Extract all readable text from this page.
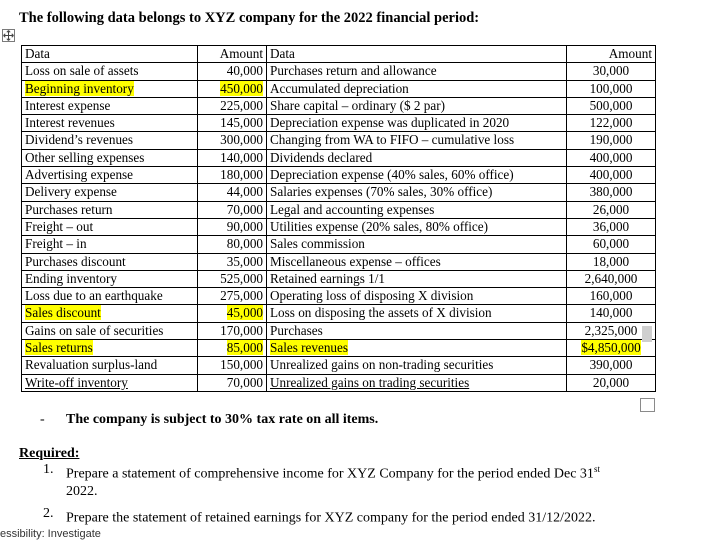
The following data belongs to XYZ company for the 2022 financial period:
Data	Amount	Data	Amount
Loss on sale of assets	40,000	Purchases return and allowance	30,000
Beginning inventory	450,000	Accumulated depreciation	100,000
Interest expense	225,000	Share capital – ordinary ($ 2 par)	500,000
Interest revenues	145,000	Depreciation expense was duplicated in 2020	122,000
Dividend’s revenues	300,000	Changing from WA to FIFO – cumulative loss	190,000
Other selling expenses	140,000	Dividends declared	400,000
Advertising expense	180,000	Depreciation expense (40% sales, 60% office)	400,000
Delivery expense	44,000	Salaries expenses (70% sales, 30% office)	380,000
Purchases return	70,000	Legal and accounting expenses	26,000
Freight – out	90,000	Utilities expense (20% sales, 80% office)	36,000
Freight – in	80,000	Sales commission	60,000
Purchases discount	35,000	Miscellaneous expense – offices	18,000
Ending inventory	525,000	Retained earnings 1/1	2,640,000
Loss due to an earthquake	275,000	Operating loss of disposing X division	160,000
Sales discount	45,000	Loss on disposing the assets of X division	140,000
Gains on sale of securities	170,000	Purchases	2,325,000
Sales returns	85,000	Sales revenues	$4,850,000
Revaluation surplus-land	150,000	Unrealized gains on non-trading securities	390,000
Write-off inventory	70,000	Unrealized gains on trading securities	20,000
- The company is subject to 30% tax rate on all items.
Required:
1. Prepare a statement of comprehensive income for XYZ Company for the period ended Dec 31st 2022.
2. Prepare the statement of retained earnings for XYZ company for the period ended 31/12/2022.
essibility: Investigate
